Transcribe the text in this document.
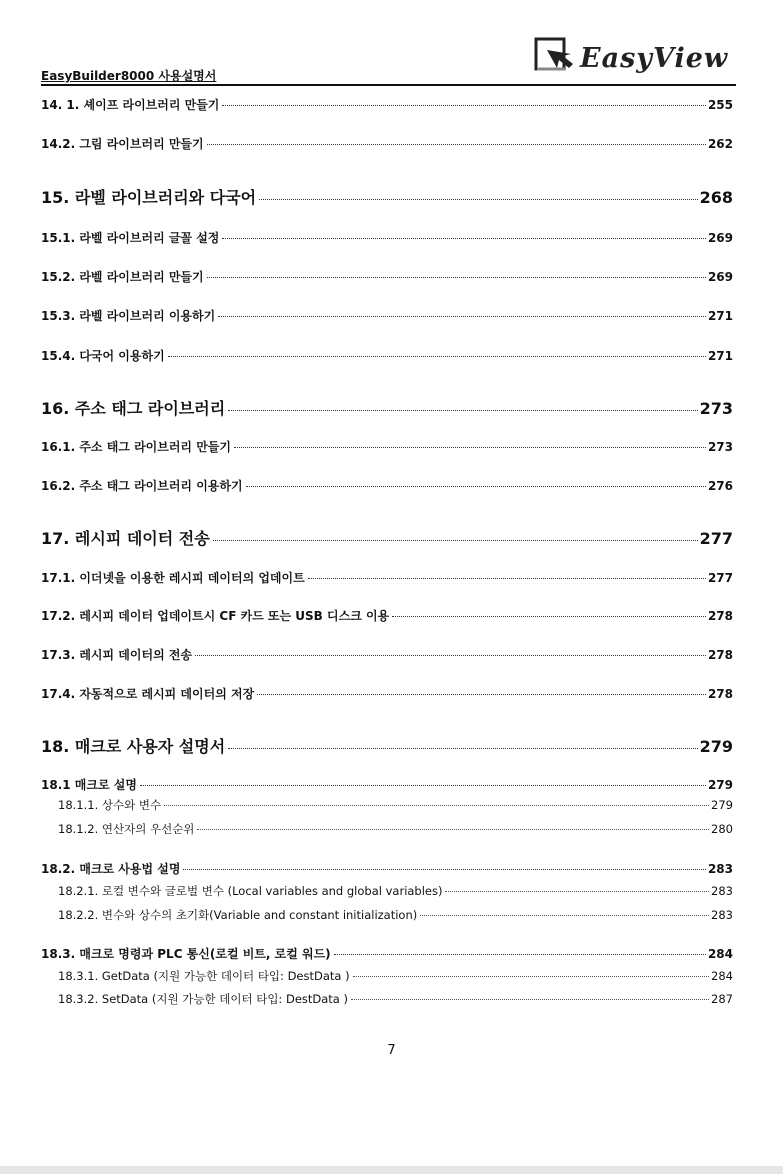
EasyBuilder8000 사용설명서
EasyView
14. 1. 셰이프 라이브러리 만들기	255
14.2. 그림 라이브러리 만들기	262
15. 라벨 라이브러리와 다국어	268
15.1. 라벨 라이브러리 글꼴 설정	269
15.2. 라벨 라이브러리 만들기	269
15.3. 라벨 라이브러리 이용하기	271
15.4. 다국어 이용하기	271
16. 주소 태그 라이브러리	273
16.1. 주소 태그 라이브러리 만들기	273
16.2. 주소 태그 라이브러리 이용하기	276
17. 레시피 데이터 전송	277
17.1. 이더넷을 이용한 레시피 데이터의 업데이트	277
17.2. 레시피 데이터 업데이트시 CF 카드 또는 USB 디스크 이용	278
17.3. 레시피 데이터의 전송	278
17.4. 자동적으로 레시피 데이터의 저장	278
18. 매크로 사용자 설명서	279
18.1 매크로 설명	279
18.1.1. 상수와 변수	279
18.1.2. 연산자의 우선순위	280
18.2. 매크로 사용법 설명	283
18.2.1. 로컬 변수와 글로벌 변수 (Local variables and global variables)	283
18.2.2. 변수와 상수의 초기화(Variable and constant initialization)	283
18.3. 매크로 명령과 PLC 통신(로컬 비트, 로컬 워드)	284
18.3.1. GetData (지원 가능한 데이터 타입: DestData )	284
18.3.2. SetData (지원 가능한 데이터 타입: DestData )	287
7
